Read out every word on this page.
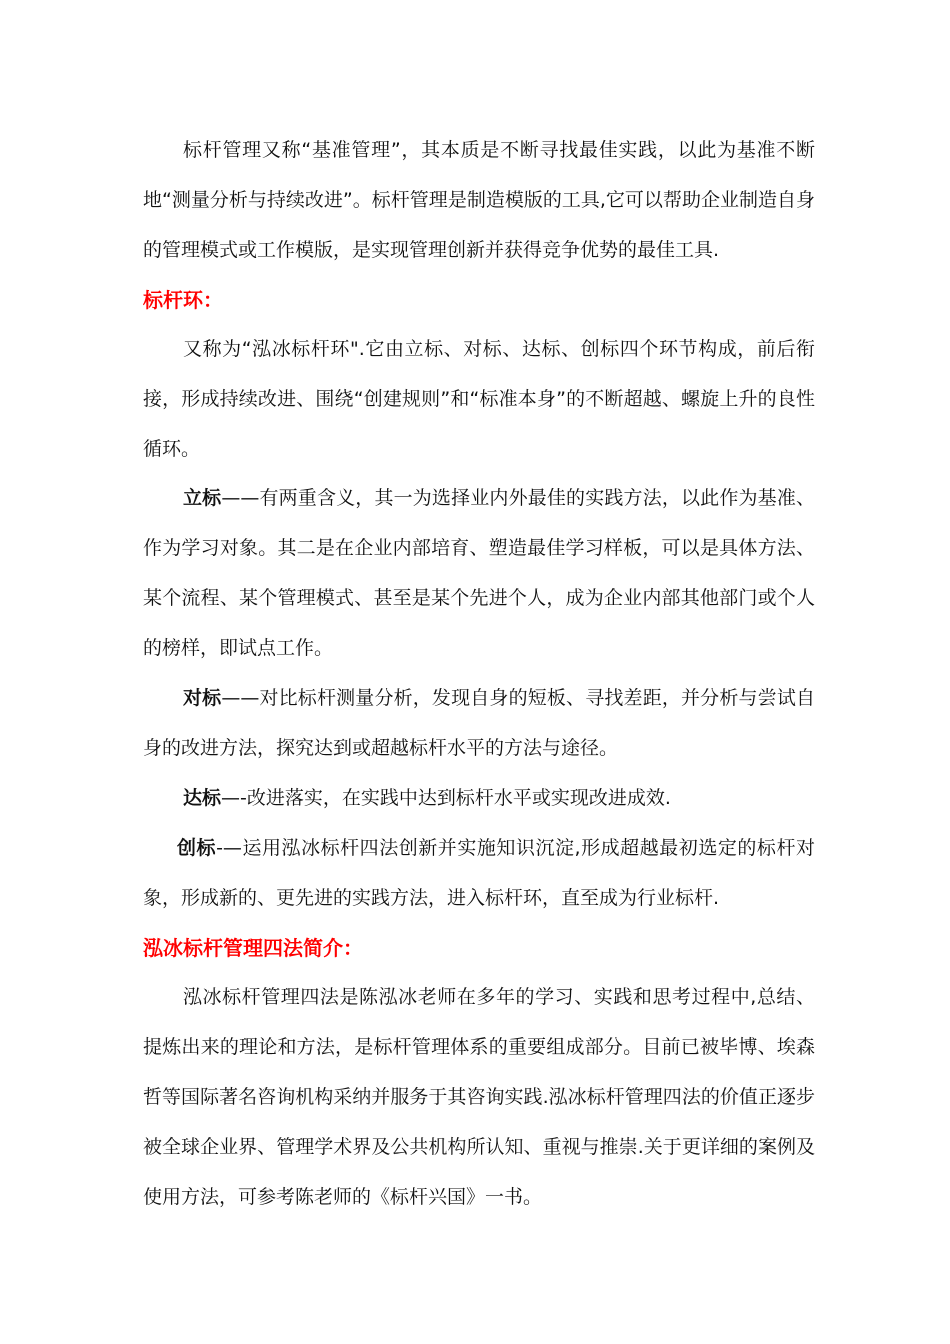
标杆管理又称“基准管理”，其本质是不断寻找最佳实践，以此为基准不断地“测量分析与持续改进”。标杆管理是制造模版的工具,它可以帮助企业制造自身的管理模式或工作模版，是实现管理创新并获得竞争优势的最佳工具.

标杆环：

又称为“泓冰标杆环".它由立标、对标、达标、创标四个环节构成，前后衔接，形成持续改进、围绕“创建规则”和“标准本身”的不断超越、螺旋上升的良性循环。

立标——有两重含义，其一为选择业内外最佳的实践方法，以此作为基准、作为学习对象。其二是在企业内部培育、塑造最佳学习样板，可以是具体方法、某个流程、某个管理模式、甚至是某个先进个人，成为企业内部其他部门或个人的榜样，即试点工作。

对标——对比标杆测量分析，发现自身的短板、寻找差距，并分析与尝试自身的改进方法，探究达到或超越标杆水平的方法与途径。

达标—-改进落实，在实践中达到标杆水平或实现改进成效.

创标-—运用泓冰标杆四法创新并实施知识沉淀,形成超越最初选定的标杆对象，形成新的、更先进的实践方法，进入标杆环，直至成为行业标杆.

泓冰标杆管理四法简介：

泓冰标杆管理四法是陈泓冰老师在多年的学习、实践和思考过程中,总结、提炼出来的理论和方法，是标杆管理体系的重要组成部分。目前已被毕博、埃森哲等国际著名咨询机构采纳并服务于其咨询实践.泓冰标杆管理四法的价值正逐步被全球企业界、管理学术界及公共机构所认知、重视与推崇.关于更详细的案例及使用方法，可参考陈老师的《标杆兴国》一书。
